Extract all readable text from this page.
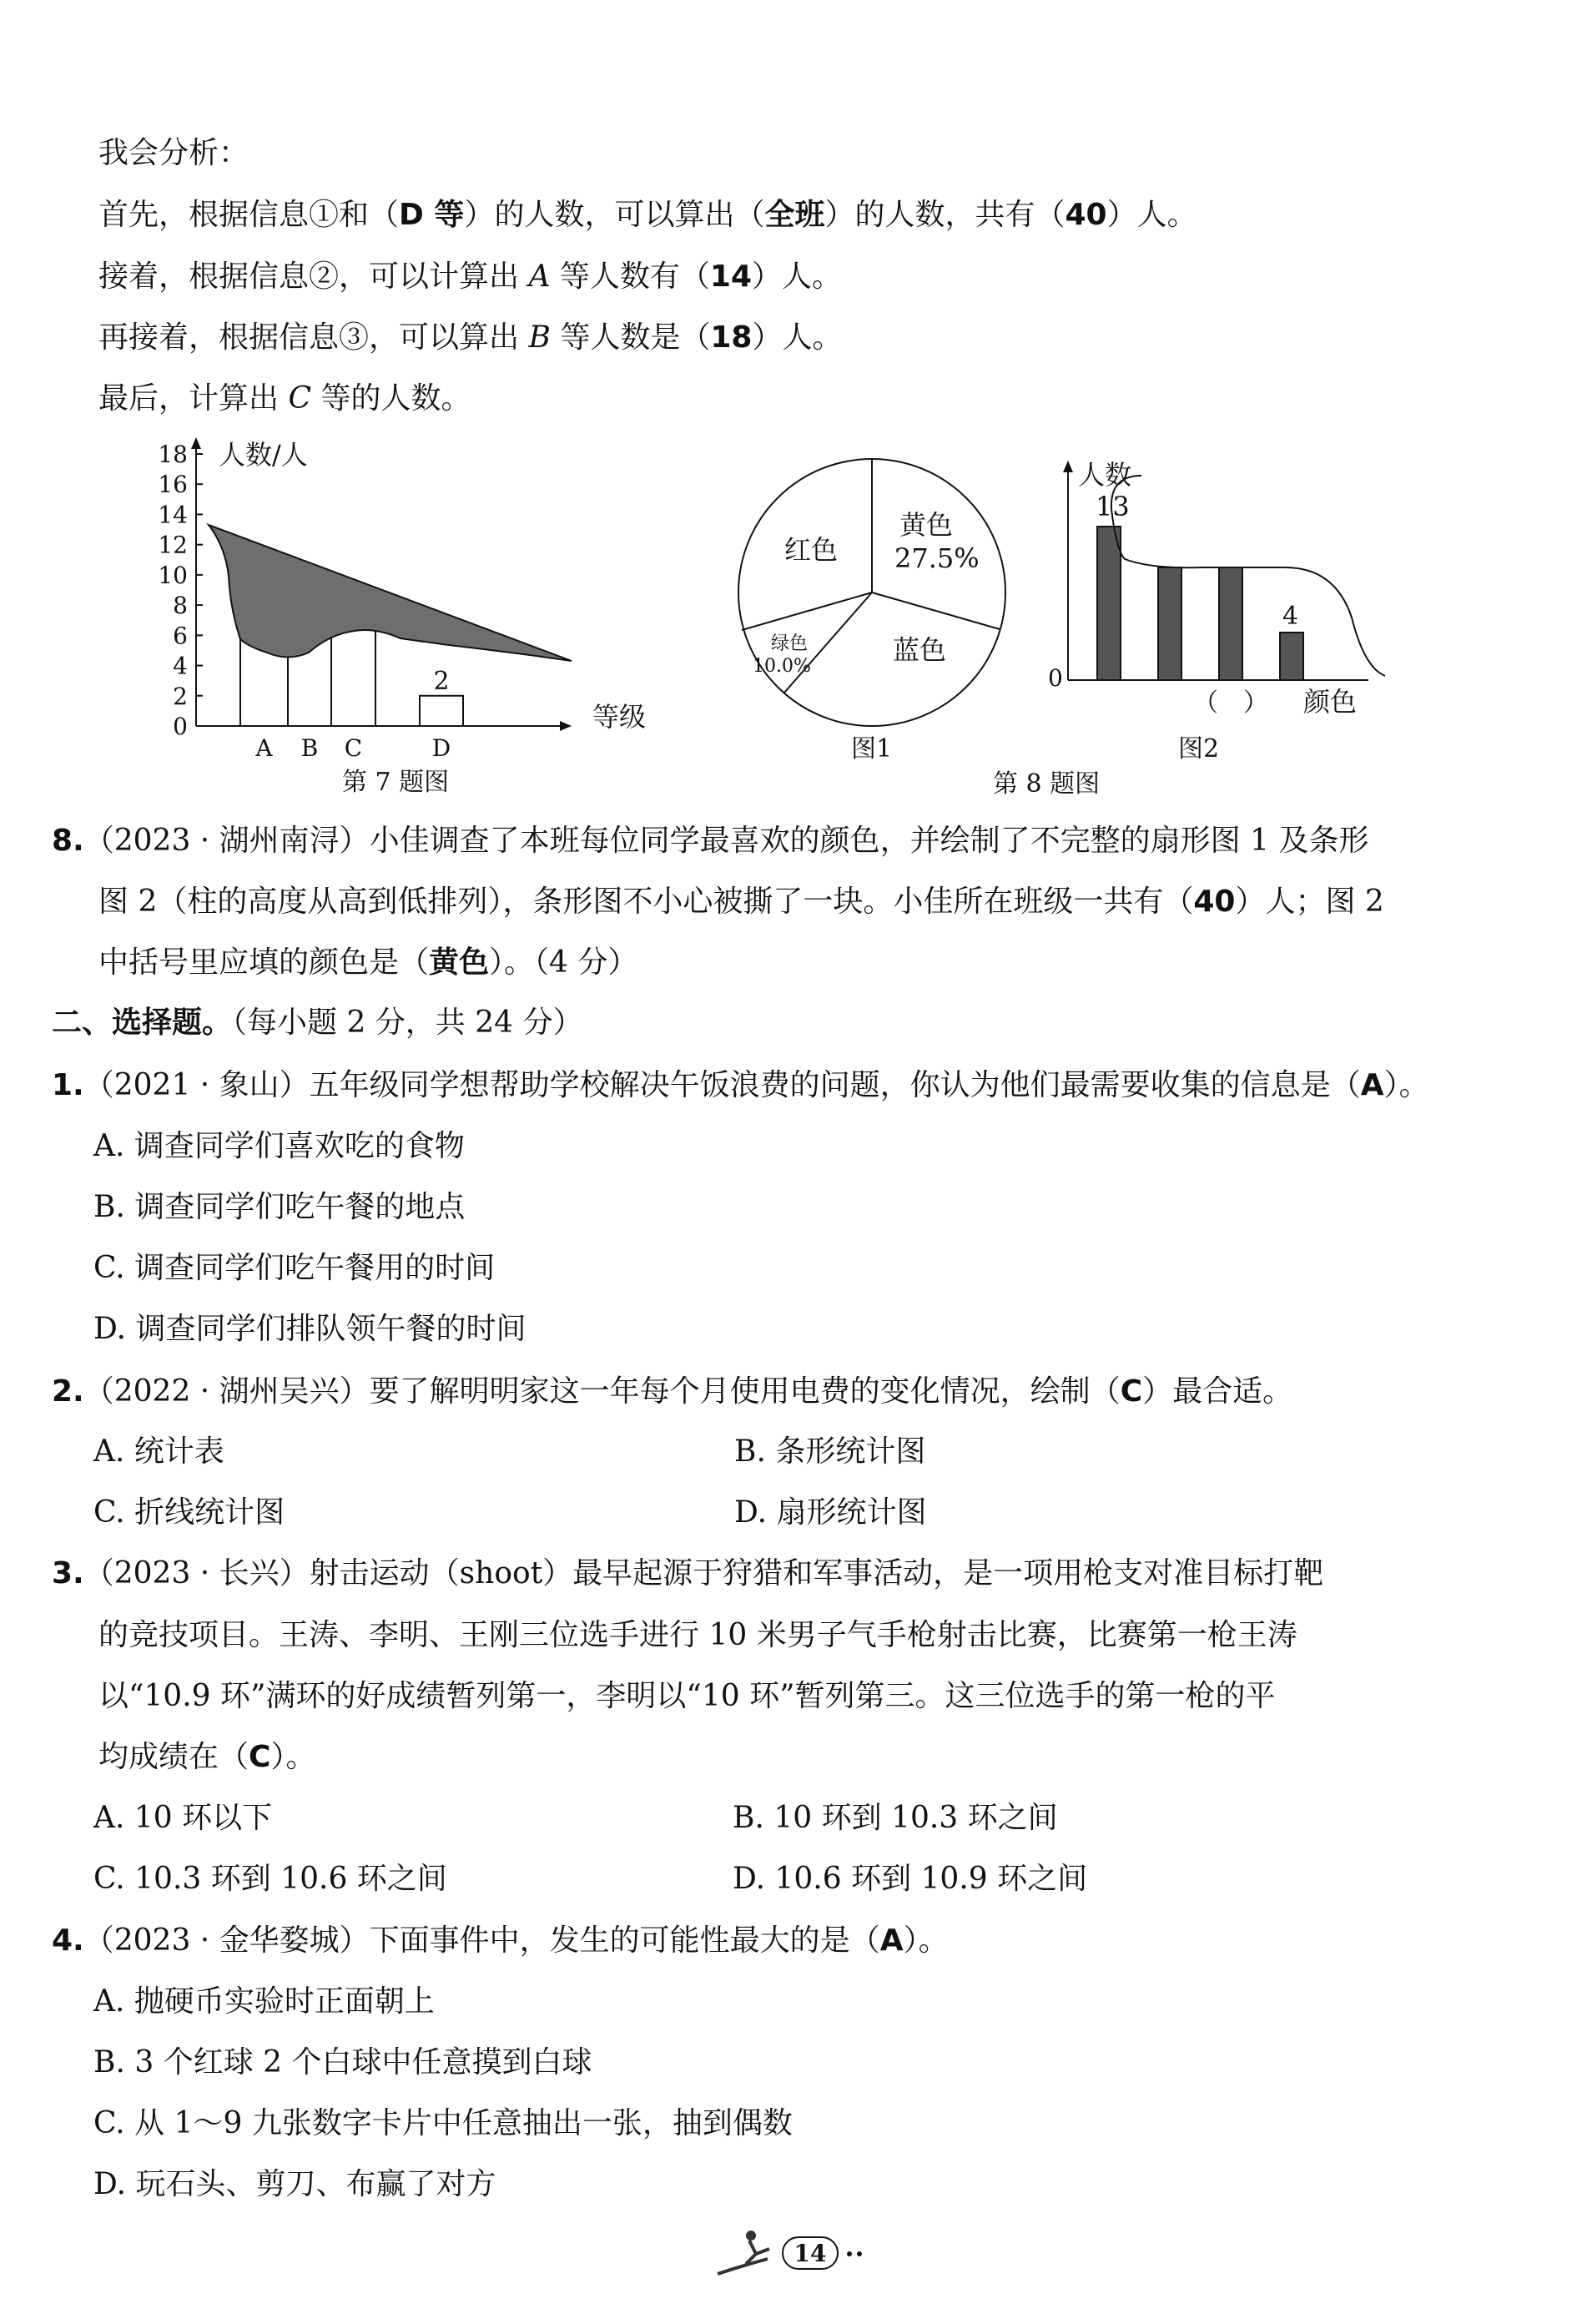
我会分析：
首先，根据信息①和（D 等）的人数，可以算出（全班）的人数，共有（40）人。
接着，根据信息②，可以计算出 A 等人数有（14）人。
再接着，根据信息③，可以算出 B 等人数是（18）人。
最后，计算出 C 等的人数。
人数/人
等级
0
2
4
6
8
10
12
14
16
18
A B C	D
2
第 7 题图
黄色
27.5%
红色
蓝色
绿色
10.0%
图1
人数
0
13
4
（　） 颜色
图2
第 8 题图
8.（2023 · 湖州南浔）小佳调查了本班每位同学最喜欢的颜色，并绘制了不完整的扇形图 1 及条形
图 2（柱的高度从高到低排列），条形图不小心被撕了一块。小佳所在班级一共有（40）人；图 2
中括号里应填的颜色是（黄色）。（4 分）
二、选择题。（每小题 2 分，共 24 分）
1.（2021 · 象山）五年级同学想帮助学校解决午饭浪费的问题，你认为他们最需要收集的信息是（A）。
A. 调查同学们喜欢吃的食物
B. 调查同学们吃午餐的地点
C. 调查同学们吃午餐用的时间
D. 调查同学们排队领午餐的时间
2.（2022 · 湖州吴兴）要了解明明家这一年每个月使用电费的变化情况，绘制（C）最合适。
A. 统计表	B. 条形统计图
C. 折线统计图	D. 扇形统计图
3.（2023 · 长兴）射击运动（shoot）最早起源于狩猎和军事活动，是一项用枪支对准目标打靶
的竞技项目。王涛、李明、王刚三位选手进行 10 米男子气手枪射击比赛，比赛第一枪王涛
以“10.9 环”满环的好成绩暂列第一，李明以“10 环”暂列第三。这三位选手的第一枪的平
均成绩在（C）。
A. 10 环以下	B. 10 环到 10.3 环之间
C. 10.3 环到 10.6 环之间	D. 10.6 环到 10.9 环之间
4.（2023 · 金华婺城）下面事件中，发生的可能性最大的是（A）。
A. 抛硬币实验时正面朝上
B. 3 个红球 2 个白球中任意摸到白球
C. 从 1～9 九张数字卡片中任意抽出一张，抽到偶数
D. 玩石头、剪刀、布赢了对方
14
